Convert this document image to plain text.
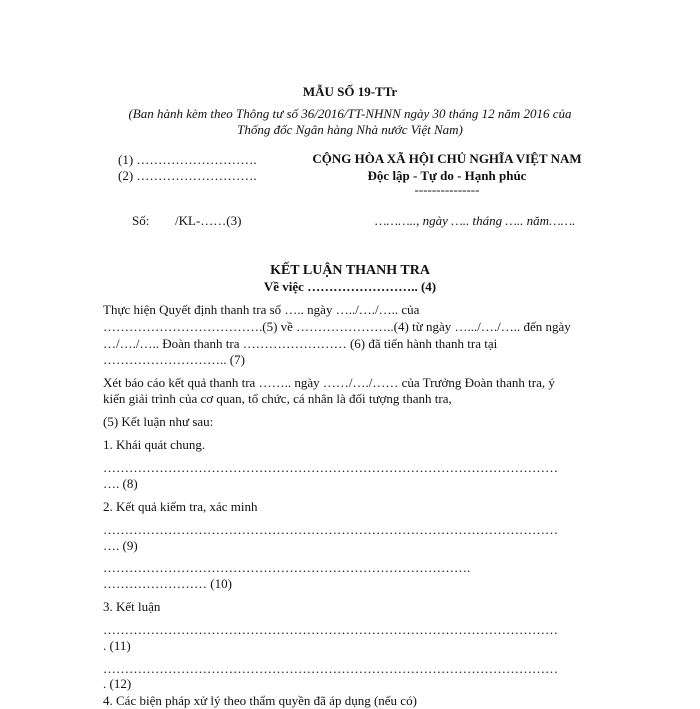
MẪU SỐ 19-TTr
(Ban hành kèm theo Thông tư số 36/2016/TT-NHNN ngày 30 tháng 12 năm 2016 của
Thống đốc Ngân hàng Nhà nước Việt Nam)
(1) ……………………….
(2) ……………………….
CỘNG HÒA XÃ HỘI CHỦ NGHĨA VIỆT NAM
Độc lập - Tự do - Hạnh phúc
---------------
Số: /KL-……(3)	……….., ngày ….. tháng ….. năm…….
KẾT LUẬN THANH TRA
Về việc …………………….. (4)
Thực hiện Quyết định thanh tra số ….. ngày …../…./….. của
……………………………….(5) về …………………..(4) từ ngày ….../…./….. đến ngày
…/…./….. Đoàn thanh tra …………………… (6) đã tiến hành thanh tra tại
……………………….. (7)
Xét báo cáo kết quả thanh tra …….. ngày ……/…./…… của Trưởng Đoàn thanh tra, ý
kiến giải trình của cơ quan, tổ chức, cá nhân là đối tượng thanh tra,
(5) Kết luận như sau:
1. Khái quát chung.
……………………………………………………………………………………………
…. (8)
2. Kết quả kiểm tra, xác minh
……………………………………………………………………………………………
…. (9)
………………………………………………………………………….
…………………… (10)
3. Kết luận
……………………………………………………………………………………………
. (11)
……………………………………………………………………………………………
. (12)
4. Các biện pháp xử lý theo thẩm quyền đã áp dụng (nếu có)
